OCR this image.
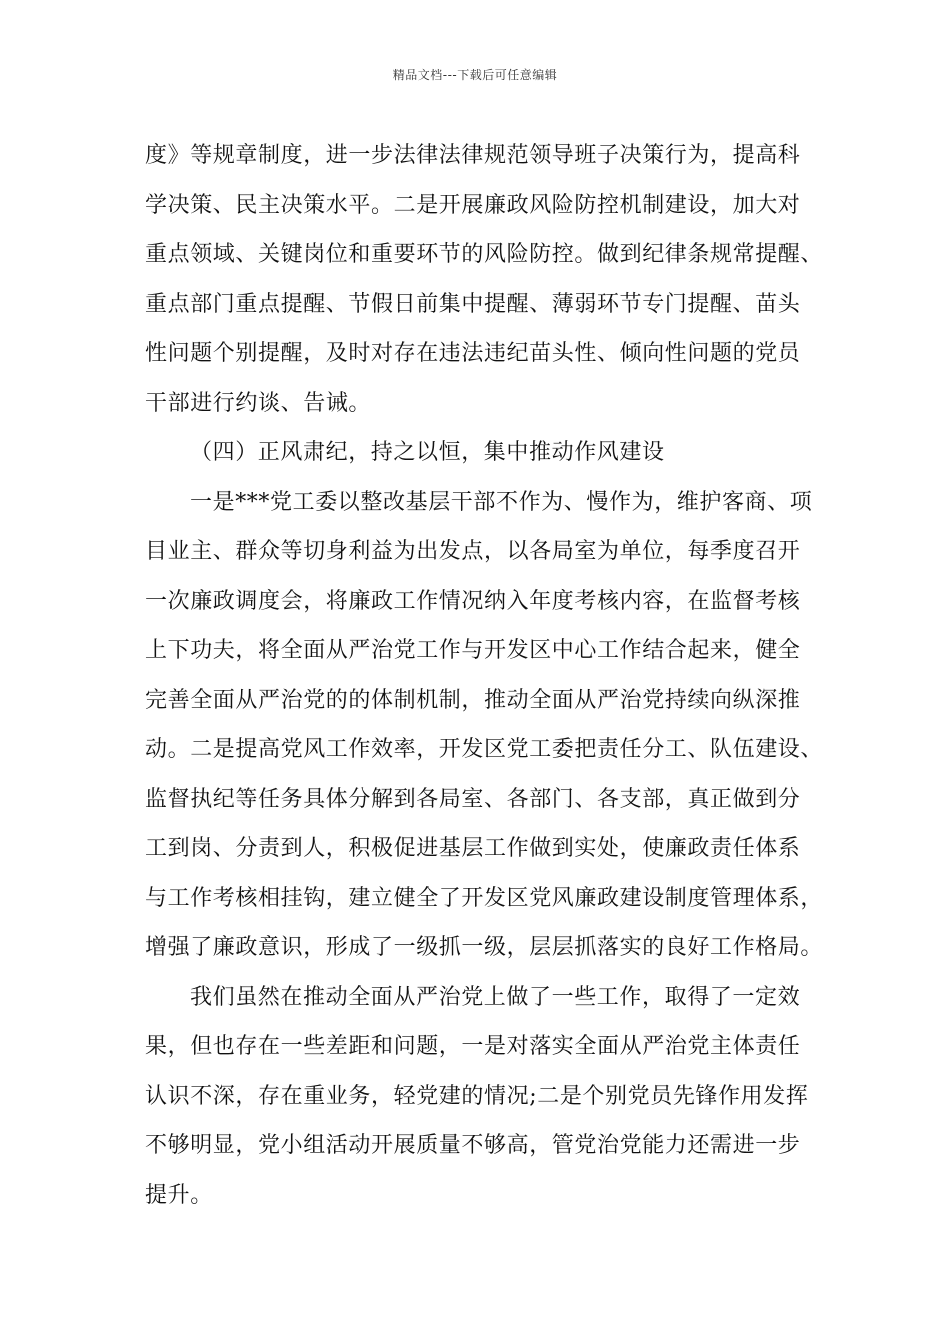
精品文档---下载后可任意编辑
度》等规章制度，进一步法律法律规范领导班子决策行为，提高科
学决策、民主决策水平。二是开展廉政风险防控机制建设，加大对
重点领域、关键岗位和重要环节的风险防控。做到纪律条规常提醒、
重点部门重点提醒、节假日前集中提醒、薄弱环节专门提醒、苗头
性问题个别提醒，及时对存在违法违纪苗头性、倾向性问题的党员
干部进行约谈、告诫。
（四）正风肃纪，持之以恒，集中推动作风建设
一是***党工委以整改基层干部不作为、慢作为，维护客商、项
目业主、群众等切身利益为出发点，以各局室为单位，每季度召开
一次廉政调度会，将廉政工作情况纳入年度考核内容，在监督考核
上下功夫，将全面从严治党工作与开发区中心工作结合起来，健全
完善全面从严治党的的体制机制，推动全面从严治党持续向纵深推
动。二是提高党风工作效率，开发区党工委把责任分工、队伍建设、
监督执纪等任务具体分解到各局室、各部门、各支部，真正做到分
工到岗、分责到人，积极促进基层工作做到实处，使廉政责任体系
与工作考核相挂钩，建立健全了开发区党风廉政建设制度管理体系，
增强了廉政意识，形成了一级抓一级，层层抓落实的良好工作格局。
我们虽然在推动全面从严治党上做了一些工作，取得了一定效
果，但也存在一些差距和问题，一是对落实全面从严治党主体责任
认识不深，存在重业务，轻党建的情况;二是个别党员先锋作用发挥
不够明显，党小组活动开展质量不够高，管党治党能力还需进一步
提升。
